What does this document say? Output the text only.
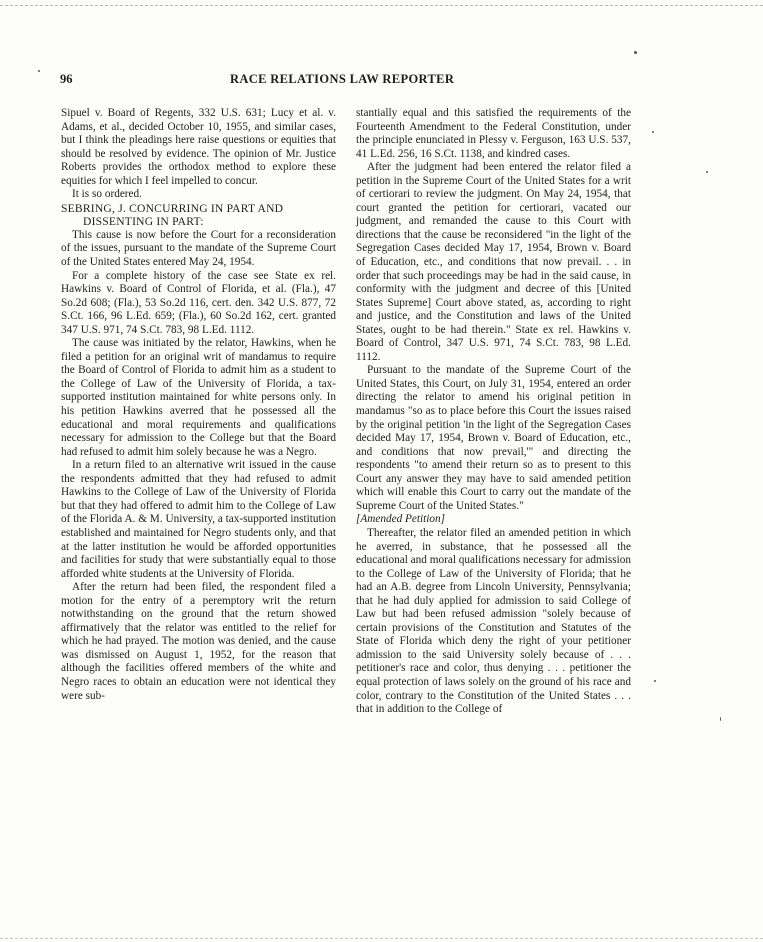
96	RACE RELATIONS LAW REPORTER

Sipuel v. Board of Regents, 332 U.S. 631; Lucy et al. v. Adams, et al., decided October 10, 1955, and similar cases, but I think the pleadings here raise questions or equities that should be resolved by evidence. The opinion of Mr. Justice Roberts provides the orthodox method to explore these equities for which I feel impelled to concur.

It is so ordered.

SEBRING, J. CONCURRING IN PART AND
DISSENTING IN PART:

This cause is now before the Court for a reconsideration of the issues, pursuant to the mandate of the Supreme Court of the United States entered May 24, 1954.

For a complete history of the case see State ex rel. Hawkins v. Board of Control of Florida, et al. (Fla.), 47 So.2d 608; (Fla.), 53 So.2d 116, cert. den. 342 U.S. 877, 72 S.Ct. 166, 96 L.Ed. 659; (Fla.), 60 So.2d 162, cert. granted 347 U.S. 971, 74 S.Ct. 783, 98 L.Ed. 1112.

The cause was initiated by the relator, Hawkins, when he filed a petition for an original writ of mandamus to require the Board of Control of Florida to admit him as a student to the College of Law of the University of Florida, a tax-supported institution maintained for white persons only. In his petition Hawkins averred that he possessed all the educational and moral requirements and qualifications necessary for admission to the College but that the Board had refused to admit him solely because he was a Negro.

In a return filed to an alternative writ issued in the cause the respondents admitted that they had refused to admit Hawkins to the College of Law of the University of Florida but that they had offered to admit him to the College of Law of the Florida A. & M. University, a tax-supported institution established and maintained for Negro students only, and that at the latter institution he would be afforded opportunities and facilities for study that were substantially equal to those afforded white students at the University of Florida.

After the return had been filed, the respondent filed a motion for the entry of a peremptory writ the return notwithstanding on the ground that the return showed affirmatively that the relator was entitled to the relief for which he had prayed. The motion was denied, and the cause was dismissed on August 1, 1952, for the reason that although the facilities offered members of the white and Negro races to obtain an education were not identical they were sub-

stantially equal and this satisfied the requirements of the Fourteenth Amendment to the Federal Constitution, under the principle enunciated in Plessy v. Ferguson, 163 U.S. 537, 41 L.Ed. 256, 16 S.Ct. 1138, and kindred cases.

After the judgment had been entered the relator filed a petition in the Supreme Court of the United States for a writ of certiorari to review the judgment. On May 24, 1954, that court granted the petition for certiorari, vacated our judgment, and remanded the cause to this Court with directions that the cause be reconsidered "in the light of the Segregation Cases decided May 17, 1954, Brown v. Board of Education, etc., and conditions that now prevail. . . in order that such proceedings may be had in the said cause, in conformity with the judgment and decree of this [United States Supreme] Court above stated, as, according to right and justice, and the Constitution and laws of the United States, ought to be had therein." State ex rel. Hawkins v. Board of Control, 347 U.S. 971, 74 S.Ct. 783, 98 L.Ed. 1112.

Pursuant to the mandate of the Supreme Court of the United States, this Court, on July 31, 1954, entered an order directing the relator to amend his original petition in mandamus "so as to place before this Court the issues raised by the original petition 'in the light of the Segregation Cases decided May 17, 1954, Brown v. Board of Education, etc., and conditions that now prevail,'" and directing the respondents "to amend their return so as to present to this Court any answer they may have to said amended petition which will enable this Court to carry out the mandate of the Supreme Court of the United States."

[Amended Petition]

Thereafter, the relator filed an amended petition in which he averred, in substance, that he possessed all the educational and moral qualifications necessary for admission to the College of Law of the University of Florida; that he had an A.B. degree from Lincoln University, Pennsylvania; that he had duly applied for admission to said College of Law but had been refused admission "solely because of certain provisions of the Constitution and Statutes of the State of Florida which deny the right of your petitioner admission to the said University solely because of . . . petitioner's race and color, thus denying . . . petitioner the equal protection of laws solely on the ground of his race and color, contrary to the Constitution of the United States . . . that in addition to the College of
